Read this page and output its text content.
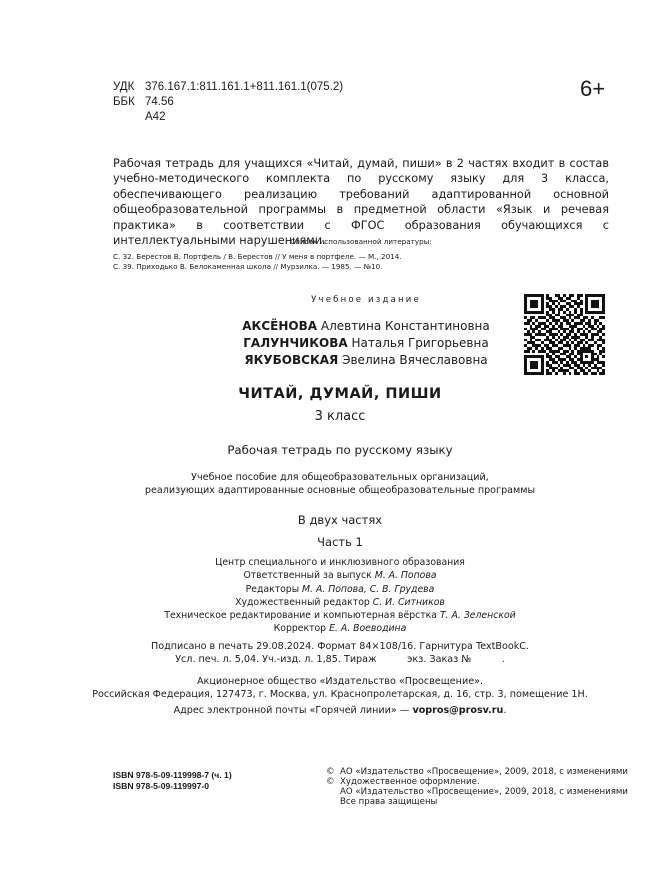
УДК 376.167.1:811.161.1+811.161.1(075.2)
ББК 74.56
А42
6+

Рабочая тетрадь для учащихся «Читай, думай, пиши» в 2 частях входит в состав учебно-методического комплекта по русскому языку для 3 класса, обеспечивающего реализацию требований адаптированной основной общеобразовательной программы в предметной области «Язык и речевая практика» в соответствии с ФГОС образования обучающихся с интеллектуальными нарушениями.

Список использованной литературы:
С. 32. Берестов В. Портфель / В. Берестов // У меня в портфеле. — М., 2014.
С. 39. Приходько В. Белокаменная школа // Мурзилка. — 1985. — №10.
Учебное издание
АКСЁНОВА Алевтина Константиновна
ГАЛУНЧИКОВА Наталья Григорьевна
ЯКУБОВСКАЯ Эвелина Вячеславовна
ЧИТАЙ, ДУМАЙ, ПИШИ
3 класс
Рабочая тетрадь по русскому языку
Учебное пособие для общеобразовательных организаций,
реализующих адаптированные основные общеобразовательные программы
В двух частях
Часть 1
Центр специального и инклюзивного образования
Ответственный за выпуск М. А. Попова
Редакторы М. А. Попова, С. В. Грудева
Художественный редактор С. И. Ситников
Техническое редактирование и компьютерная вёрстка Т. А. Зеленской
Корректор Е. А. Воеводина
Подписано в печать 29.08.2024. Формат 84×108/16. Гарнитура TextBookC.
Усл. печ. л. 5,04. Уч.-изд. л. 1,85. Тираж          экз. Заказ №          .
Акционерное общество «Издательство «Просвещение».
Российская Федерация, 127473, г. Москва, ул. Краснопролетарская, д. 16, стр. 3, помещение 1Н.
Адрес электронной почты «Горячей линии» — vopros@prosv.ru.
ISBN 978-5-09-119998-7 (ч. 1)
ISBN 978-5-09-119997-0
© АО «Издательство «Просвещение», 2009, 2018, с изменениями
© Художественное оформление.
АО «Издательство «Просвещение», 2009, 2018, с изменениями
Все права защищены
